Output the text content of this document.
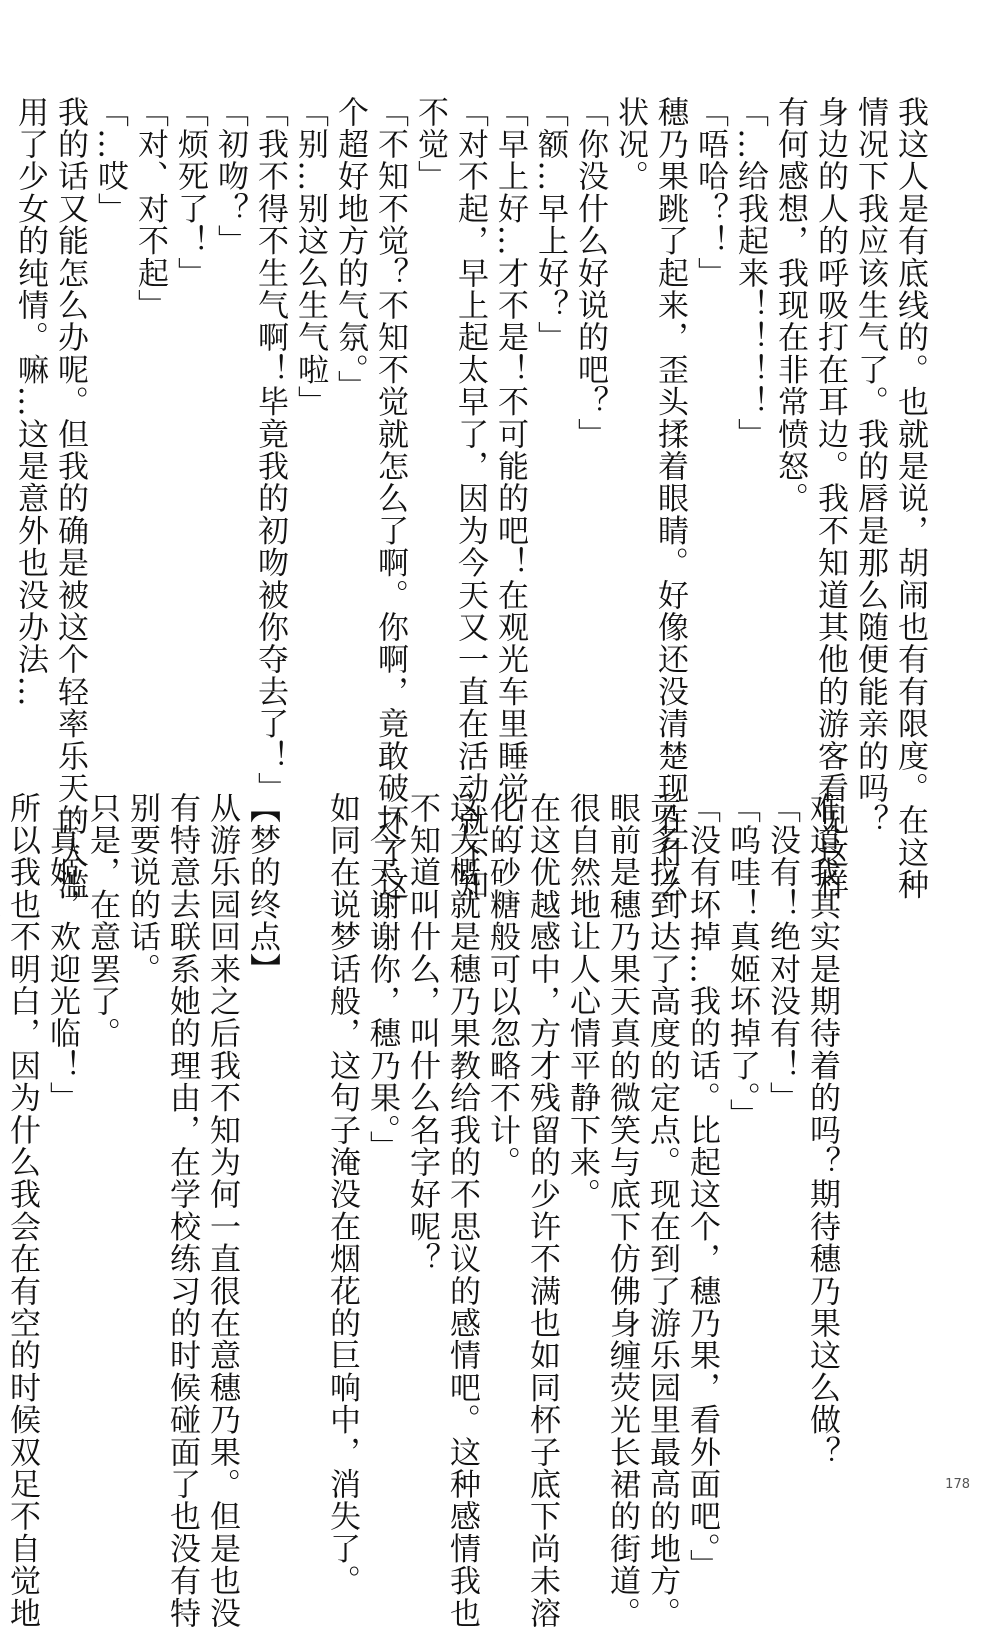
我这人是有底线的。也就是说，胡闹也有有限度。在这种
情况下我应该生气了。我的唇是那么随便能亲的吗？
身边的人的呼吸打在耳边。我不知道其他的游客看见这样
有何感想，我现在非常愤怒。
「…给我起来！！！！」
「唔哈？！」
穗乃果跳了起来，歪头揉着眼睛。好像还没清楚现在什么
状况。
「你没什么好说的吧？」
「额…早上好？」
「早上好…才不是！不可能的吧！在观光车里睡觉！」
「对不起，早上起太早了，因为今天又一直在活动就不知
不觉」
「不知不觉？不知不觉就怎么了啊。你啊，竟敢破坏了这
个超好地方的气氛。」
「别…别这么生气啦」
「我不得不生气啊！毕竟我的初吻被你夺去了！」
「初吻？」
「烦死了！」
「对、对不起」
「…哎」
我的话又能怎么办呢。但我的确是被这个轻率乐天的人滥
用了少女的纯情。嘛…这是意外也没办法…
难道我其实是期待着的吗？期待穗乃果这么做？
「没有！绝对没有！」
「呜哇！真姬坏掉了。」
「没有坏掉…我的话。比起这个，穗乃果，看外面吧。」
贡多拉到达了高度的定点。现在到了游乐园里最高的地方。
眼前是穗乃果天真的微笑与底下仿佛身缠荧光长裙的街道。
很自然地让人心情平静下来。
在这优越感中，方才残留的少许不满也如同杯子底下尚未溶
化的砂糖般可以忽略不计。
这大概就是穗乃果教给我的不思议的感情吧。这种感情我也
不知道叫什么，叫什么名字好呢？
「今天谢谢你，穗乃果。」
如同在说梦话般，这句子淹没在烟花的巨响中，消失了。

【梦的终点】
从游乐园回来之后我不知为何一直很在意穗乃果。但是也没
有特意去联系她的理由，在学校练习的时候碰面了也没有特
别要说的话。
只是，在意罢了。
「真姬，欢迎光临！」
所以我也不明白，因为什么我会在有空的时候双足不自觉地	178
